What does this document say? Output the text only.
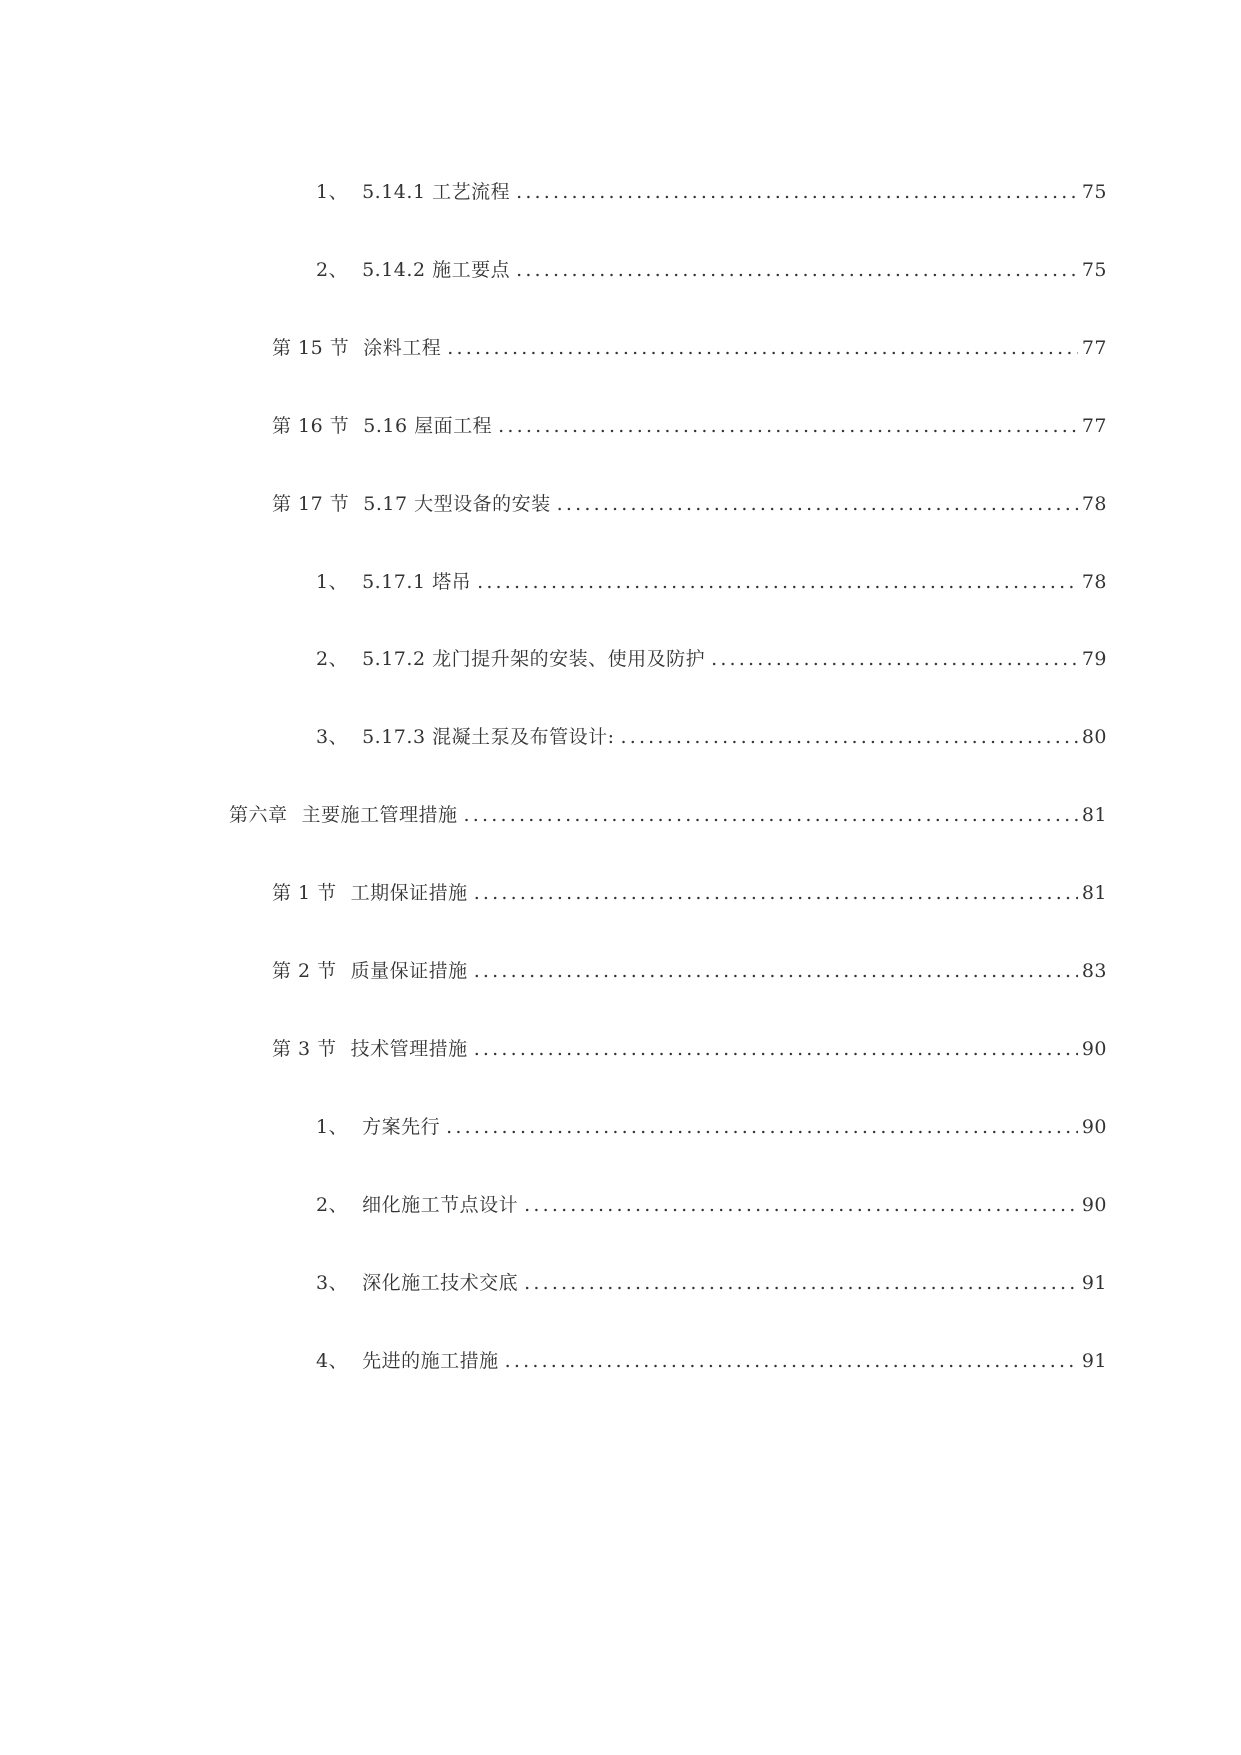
1、 5.14.1 工艺流程 .....	75
2、 5.14.2 施工要点 .....	75
第 15 节 涂料工程 .....	77
第 16 节 5.16 屋面工程 .....	77
第 17 节 5.17 大型设备的安装 .....	78
1、 5.17.1 塔吊 .....	78
2、 5.17.2 龙门提升架的安装、使用及防护 .....	79
3、 5.17.3 混凝土泵及布管设计: .....	80
第六章 主要施工管理措施 .....	81
第 1 节 工期保证措施 .....	81
第 2 节 质量保证措施 .....	83
第 3 节 技术管理措施 .....	90
1、 方案先行 .....	90
2、 细化施工节点设计 .....	90
3、 深化施工技术交底 .....	91
4、 先进的施工措施 .....	91
